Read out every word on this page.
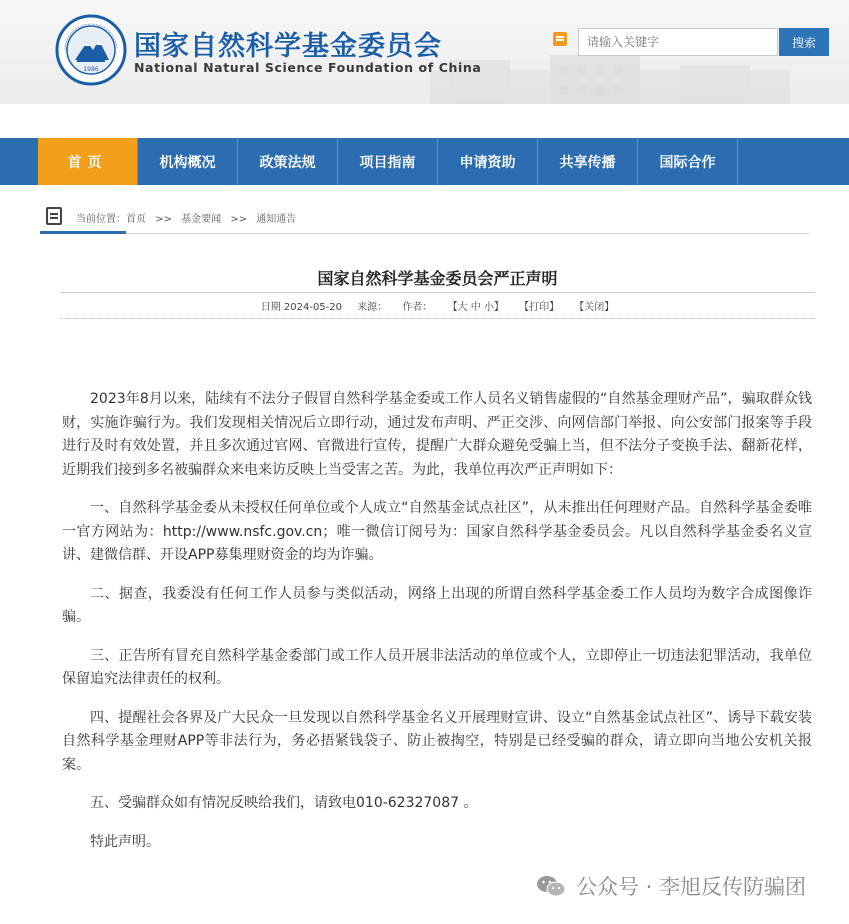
1986
国家自然科学基金委员会
National Natural Science Foundation of China
请输入关键字
搜索
首页	机构概况	政策法规	项目指南	申请资助	共享传播	国际合作
当前位置：首页 >> 基金要闻 >> 通知通告
国家自然科学基金委员会严正声明
日期 2024-05-20 来源： 作者： 【大 中 小】 【打印】 【关闭】

2023年8月以来，陆续有不法分子假冒自然科学基金委或工作人员名义销售虚假的“自然基金理财产品”，骗取群众钱财，实施诈骗行为。我们发现相关情况后立即行动，通过发布声明、严正交涉、向网信部门举报、向公安部门报案等手段进行及时有效处置，并且多次通过官网、官微进行宣传，提醒广大群众避免受骗上当，但不法分子变换手法、翻新花样，近期我们接到多名被骗群众来电来访反映上当受害之苦。为此，我单位再次严正声明如下：

一、自然科学基金委从未授权任何单位或个人成立“自然基金试点社区”，从未推出任何理财产品。自然科学基金委唯一官方网站为：http://www.nsfc.gov.cn；唯一微信订阅号为：国家自然科学基金委员会。凡以自然科学基金委名义宣讲、建微信群、开设APP募集理财资金的均为诈骗。

二、据查，我委没有任何工作人员参与类似活动，网络上出现的所谓自然科学基金委工作人员均为数字合成图像诈骗。

三、正告所有冒充自然科学基金委部门或工作人员开展非法活动的单位或个人，立即停止一切违法犯罪活动，我单位保留追究法律责任的权利。

四、提醒社会各界及广大民众一旦发现以自然科学基金名义开展理财宣讲、设立“自然基金试点社区”、诱导下载安装自然科学基金理财APP等非法行为，务必捂紧钱袋子、防止被掏空，特别是已经受骗的群众，请立即向当地公安机关报案。

五、受骗群众如有情况反映给我们，请致电010-62327087 。

特此声明。

公众号 · 李旭反传防骗团
